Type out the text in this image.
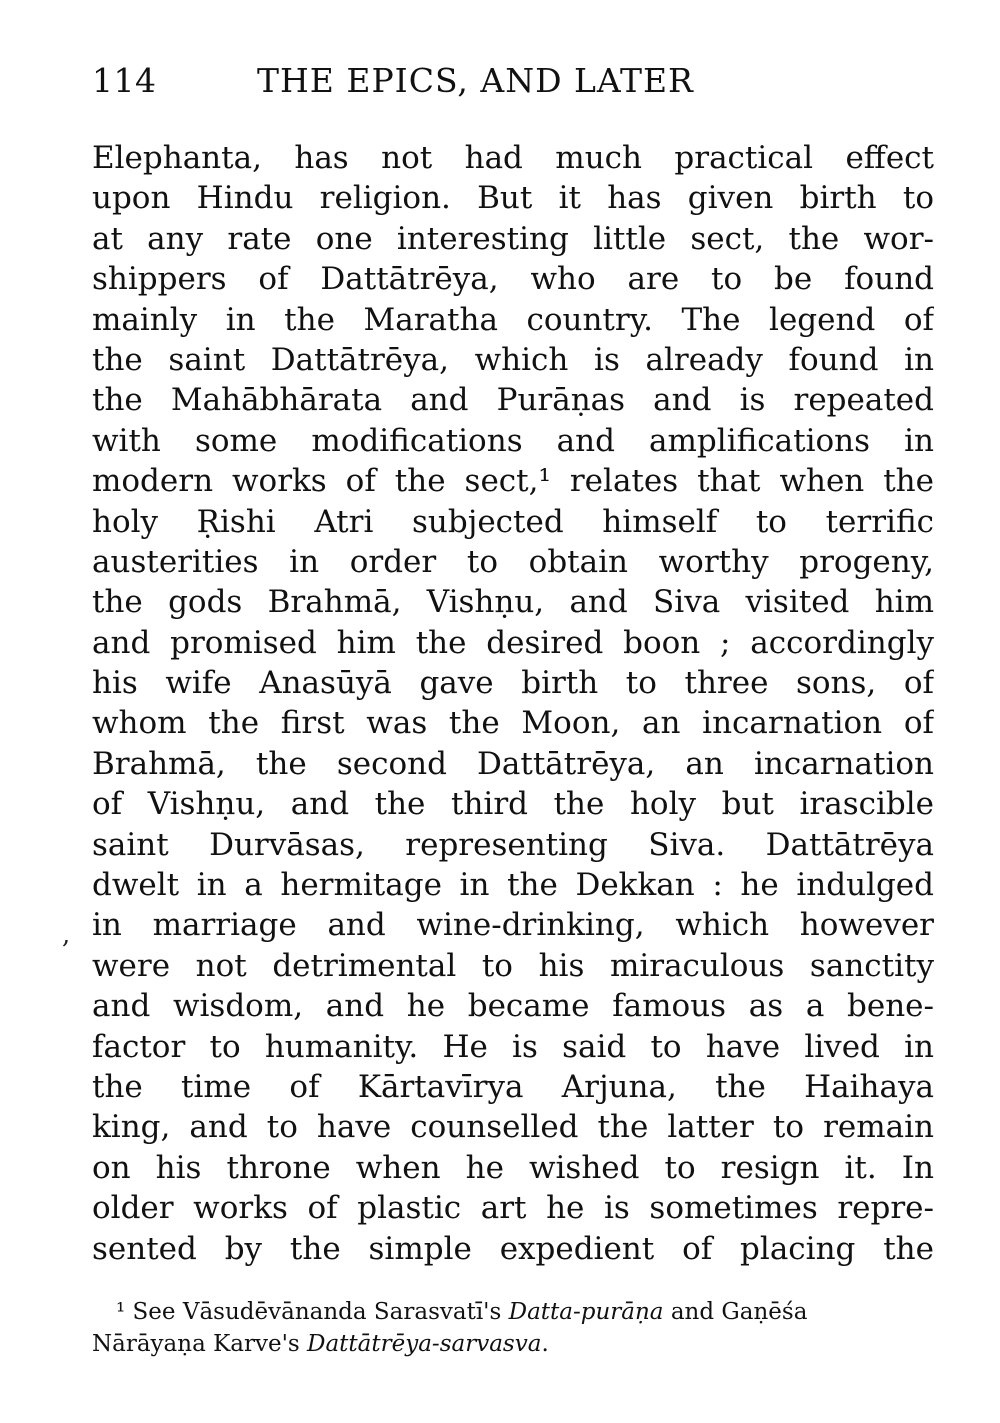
114	THE EPICS, AND LATER
,
Elephanta, has not had much practical effect
upon Hindu religion. But it has given birth to
at any rate one interesting little sect, the wor-
shippers of Dattātrēya, who are to be found
mainly in the Maratha country. The legend of
the saint Dattātrēya, which is already found in
the Mahābhārata and Purāṇas and is repeated
with some modifications and amplifications in
modern works of the sect,¹ relates that when the
holy Ṛishi Atri subjected himself to terrific
austerities in order to obtain worthy progeny,
the gods Brahmā, Vishṇu, and Siva visited him
and promised him the desired boon ; accordingly
his wife Anasūyā gave birth to three sons, of
whom the first was the Moon, an incarnation of
Brahmā, the second Dattātrēya, an incarnation
of Vishṇu, and the third the holy but irascible
saint Durvāsas, representing Siva. Dattātrēya
dwelt in a hermitage in the Dekkan : he indulged
in marriage and wine-drinking, which however
were not detrimental to his miraculous sanctity
and wisdom, and he became famous as a bene-
factor to humanity. He is said to have lived in
the time of Kārtavīrya Arjuna, the Haihaya
king, and to have counselled the latter to remain
on his throne when he wished to resign it. In
older works of plastic art he is sometimes repre-
sented by the simple expedient of placing the
¹ See Vāsudēvānanda Sarasvatī's Datta-purāṇa and Gaṇēśa
Nārāyaṇa Karve's Dattātrēya-sarvasva.
